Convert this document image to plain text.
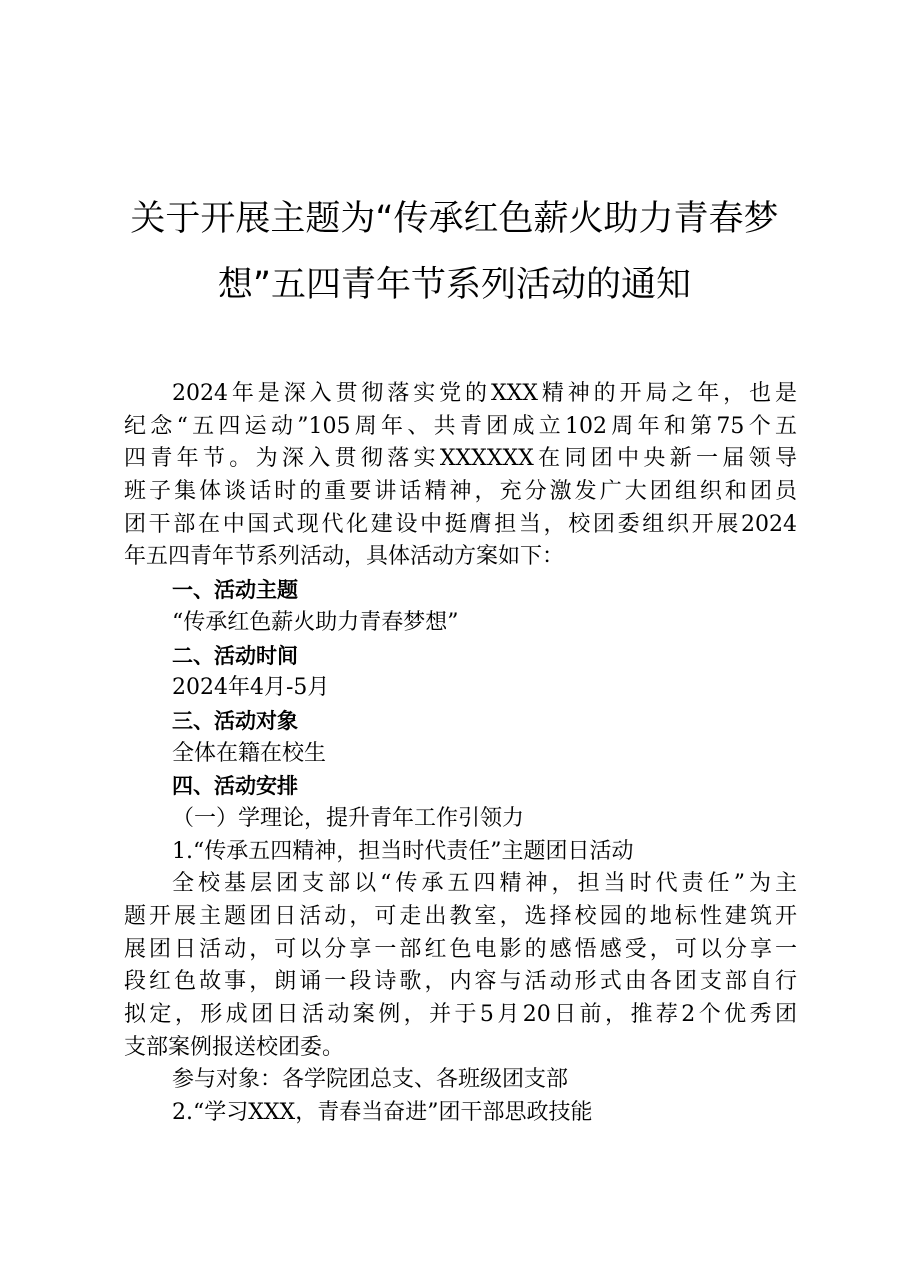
关于开展主题为“传承红色薪火助力青春梦
想”五四青年节系列活动的通知
2024年是深入贯彻落实党的XXX精神的开局之年，也是
纪念“五四运动”105周年、共青团成立102周年和第75个五
四青年节。为深入贯彻落实XXXXXX在同团中央新一届领导
班子集体谈话时的重要讲话精神，充分激发广大团组织和团员
团干部在中国式现代化建设中挺膺担当，校团委组织开展2024
年五四青年节系列活动，具体活动方案如下：
一、活动主题
“传承红色薪火助力青春梦想”
二、活动时间
2024年4月-5月
三、活动对象
全体在籍在校生
四、活动安排
（一）学理论，提升青年工作引领力
1.“传承五四精神，担当时代责任”主题团日活动
全校基层团支部以“传承五四精神，担当时代责任”为主
题开展主题团日活动，可走出教室，选择校园的地标性建筑开
展团日活动，可以分享一部红色电影的感悟感受，可以分享一
段红色故事，朗诵一段诗歌，内容与活动形式由各团支部自行
拟定，形成团日活动案例，并于5月20日前，推荐2个优秀团
支部案例报送校团委。
参与对象：各学院团总支、各班级团支部
2.“学习XXX，青春当奋进”团干部思政技能
